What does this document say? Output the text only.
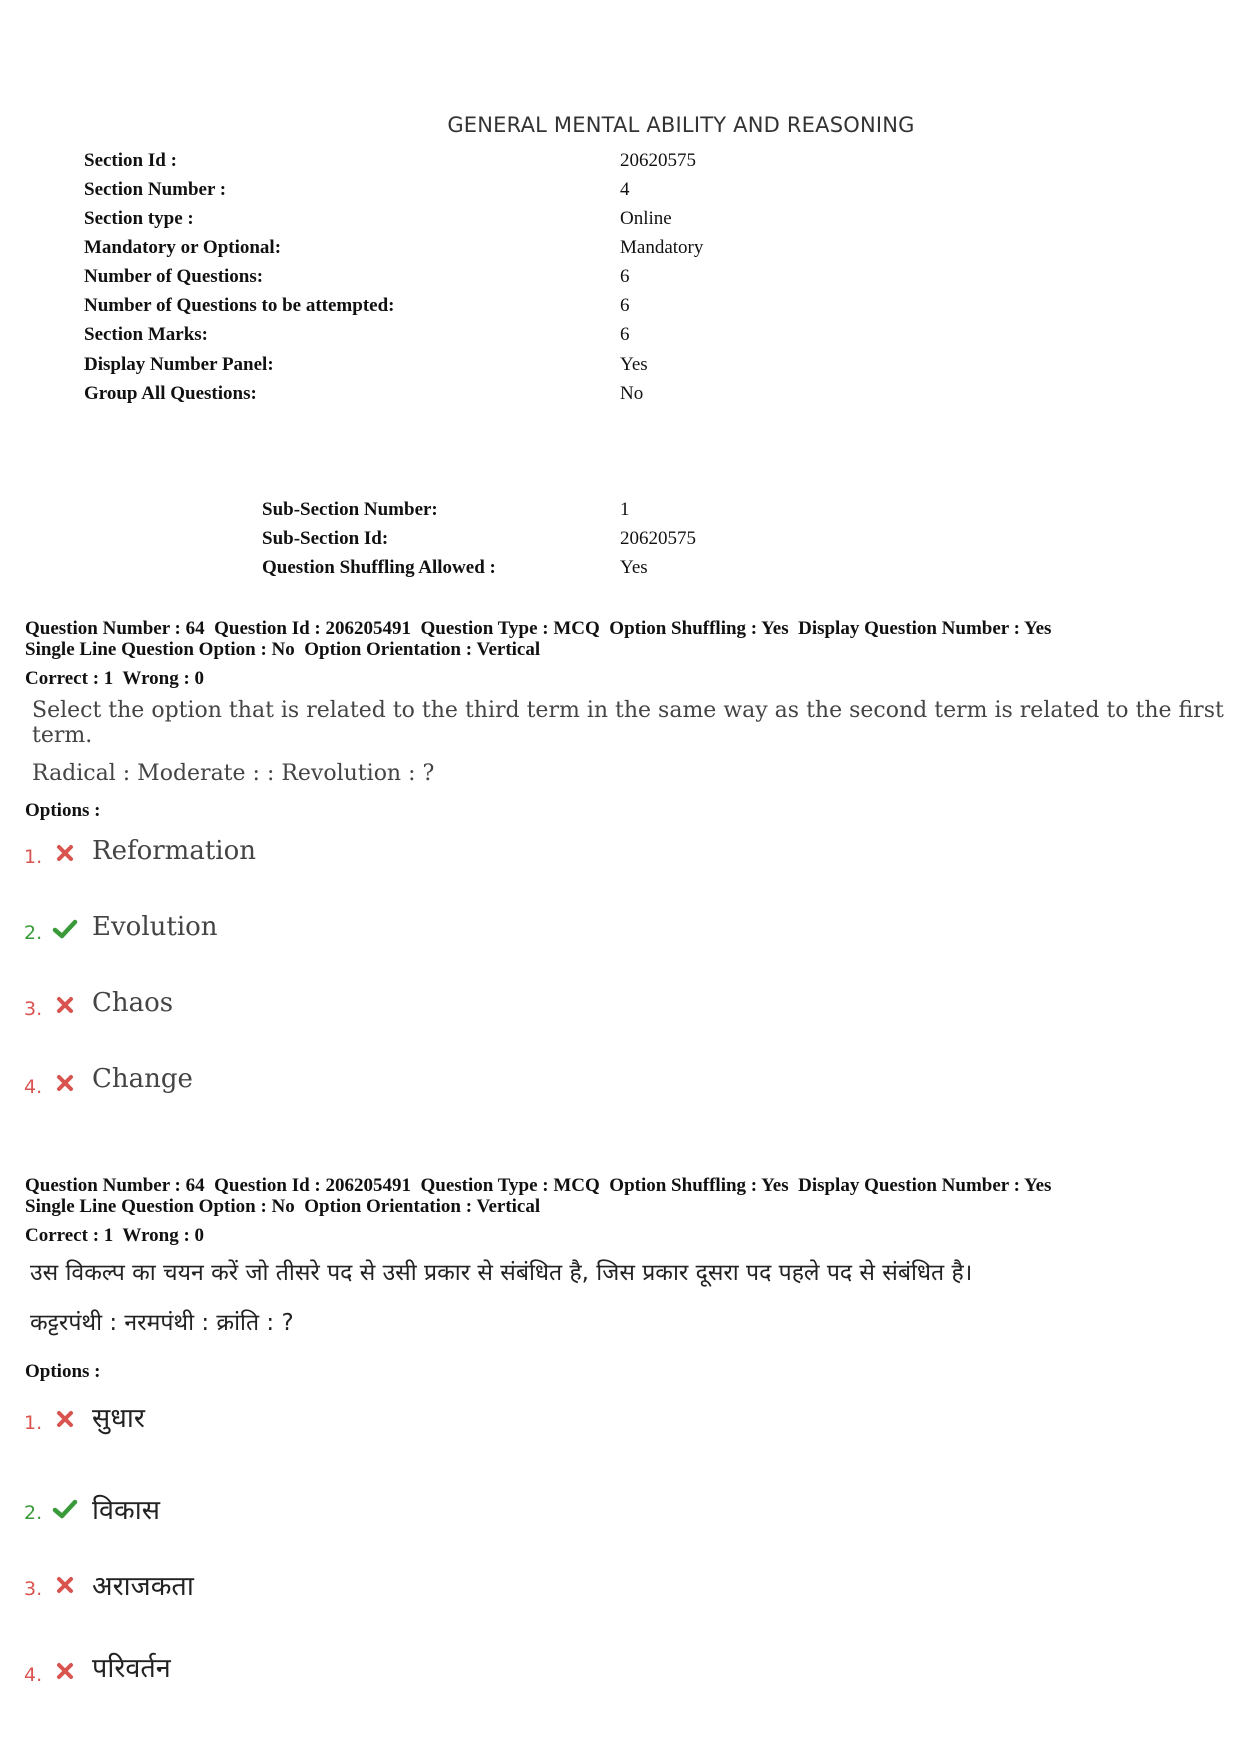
GENERAL MENTAL ABILITY AND REASONING
Section Id :	20620575
Section Number :	4
Section type :	Online
Mandatory or Optional:	Mandatory
Number of Questions:	6
Number of Questions to be attempted:	6
Section Marks:	6
Display Number Panel:	Yes
Group All Questions:	No
Sub-Section Number:	1
Sub-Section Id:	20620575
Question Shuffling Allowed :	Yes
Question Number : 64  Question Id : 206205491  Question Type : MCQ  Option Shuffling : Yes  Display Question Number : Yes
Single Line Question Option : No  Option Orientation : Vertical
Correct : 1  Wrong : 0
Select the option that is related to the third term in the same way as the second term is related to the first term.
Radical : Moderate : : Revolution : ?
Options :
1. Reformation
2. Evolution
3. Chaos
4. Change
Question Number : 64  Question Id : 206205491  Question Type : MCQ  Option Shuffling : Yes  Display Question Number : Yes
Single Line Question Option : No  Option Orientation : Vertical
Correct : 1  Wrong : 0
उस विकल्प का चयन करें जो तीसरे पद से उसी प्रकार से संबंधित है, जिस प्रकार दूसरा पद पहले पद से संबंधित है।
कट्टरपंथी : नरमपंथी : क्रांति : ?
Options :
1. सुधार
2. विकास
3. अराजकता
4. परिवर्तन
